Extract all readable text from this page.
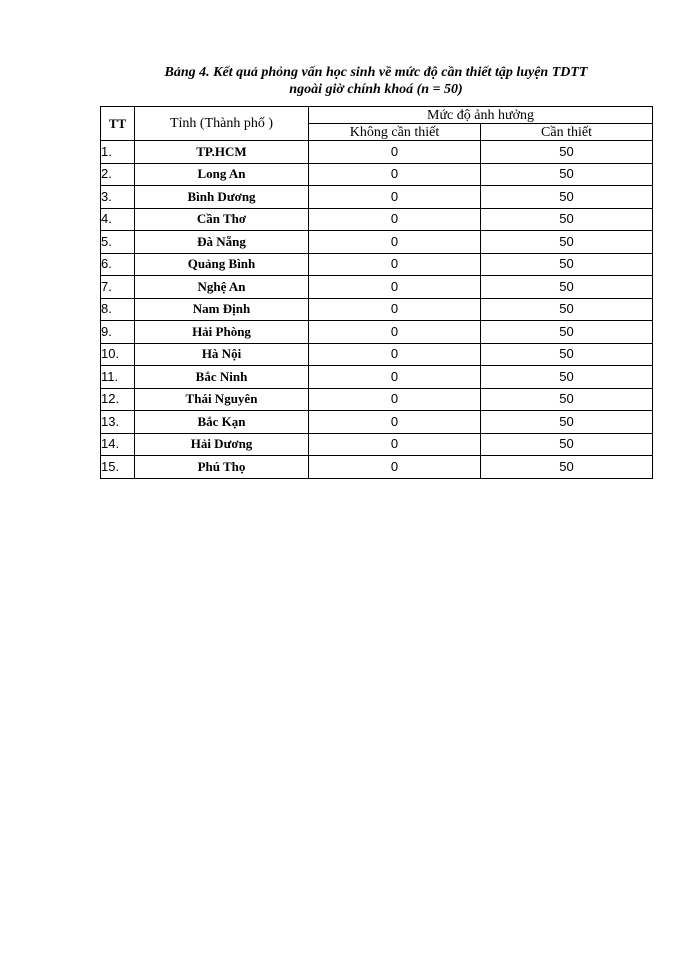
Bảng 4. Kết quả phỏng vấn học sinh về mức độ cần thiết tập luyện TDTT
ngoài giờ chính khoá (n = 50)
TT	Tỉnh (Thành phố )	Mức độ ảnh hưởng	
		Không cần thiết	Cần thiết
1.	TP.HCM	0	50
2.	Long An	0	50
3.	Bình Dương	0	50
4.	Cần Thơ	0	50
5.	Đà Nẵng	0	50
6.	Quảng Bình	0	50
7.	Nghệ An	0	50
8.	Nam Định	0	50
9.	Hải Phòng	0	50
10.	Hà Nội	0	50
11.	Bắc Ninh	0	50
12.	Thái Nguyên	0	50
13.	Bắc Kạn	0	50
14.	Hải Dương	0	50
15.	Phú Thọ	0	50
